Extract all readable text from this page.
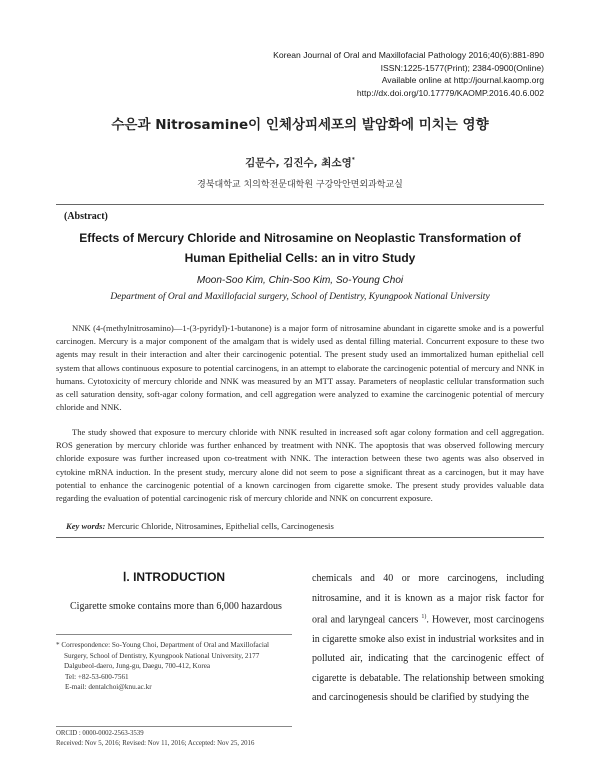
Korean Journal of Oral and Maxillofacial Pathology 2016;40(6):881-890
ISSN:1225-1577(Print); 2384-0900(Online)
Available online at http://journal.kaomp.org
http://dx.doi.org/10.17779/KAOMP.2016.40.6.002
수은과 Nitrosamine이 인체상피세포의 발암화에 미치는 영향
김문수, 김진수, 최소영*
경북대학교 치의학전문대학원 구강악안면외과학교실
(Abstract)
Effects of Mercury Chloride and Nitrosamine on Neoplastic Transformation of
Human Epithelial Cells: an in vitro Study
Moon-Soo Kim, Chin-Soo Kim, So-Young Choi
Department of Oral and Maxillofacial surgery, School of Dentistry, Kyungpook National University

NNK (4-(methylnitrosamino)—1-(3-pyridyl)-1-butanone) is a major form of nitrosamine abundant in cigarette smoke and is a powerful carcinogen. Mercury is a major component of the amalgam that is widely used as dental filling material. Concurrent exposure to these two agents may result in their interaction and alter their carcinogenic potential. The present study used an immortalized human epithelial cell system that allows continuous exposure to potential carcinogens, in an attempt to elaborate the carcinogenic potential of mercury and NNK in humans. Cytotoxicity of mercury chloride and NNK was measured by an MTT assay. Parameters of neoplastic cellular transformation such as cell saturation density, soft-agar colony formation, and cell aggregation were analyzed to examine the carcinogenic potential of mercury chloride and NNK.

The study showed that exposure to mercury chloride with NNK resulted in increased soft agar colony formation and cell aggregation. ROS generation by mercury chloride was further enhanced by treatment with NNK. The apoptosis that was observed following mercury chloride exposure was further increased upon co-treatment with NNK. The interaction between these two agents was also observed in cytokine mRNA induction. In the present study, mercury alone did not seem to pose a significant threat as a carcinogen, but it may have potential to enhance the carcinogenic potential of a known carcinogen from cigarette smoke. The present study provides valuable data regarding the evaluation of potential carcinogenic risk of mercury chloride and NNK on concurrent exposure.

Key words: Mercuric Chloride, Nitrosamines, Epithelial cells, Carcinogenesis
Ⅰ. INTRODUCTION

Cigarette smoke contains more than 6,000 hazardous

* Correspondence: So-Young Choi, Department of Oral and Maxillofacial Surgery, School of Dentistry, Kyungpook National University, 2177 Dalgubeol-daero, Jung-gu, Daegu, 700-412, Korea
Tel: +82-53-600-7561
E-mail: dentalchoi@knu.ac.kr
ORCID : 0000-0002-2563-3539
Received: Nov 5, 2016; Revised: Nov 11, 2016; Accepted: Nov 25, 2016
chemicals and 40 or more carcinogens, including nitrosamine, and it is known as a major risk factor for oral and laryngeal cancers $^{1)}$. However, most carcinogens in cigarette smoke also exist in industrial worksites and in polluted air, indicating that the carcinogenic effect of cigarette is debatable. The relationship between smoking and carcinogenesis should be clarified by studying the
